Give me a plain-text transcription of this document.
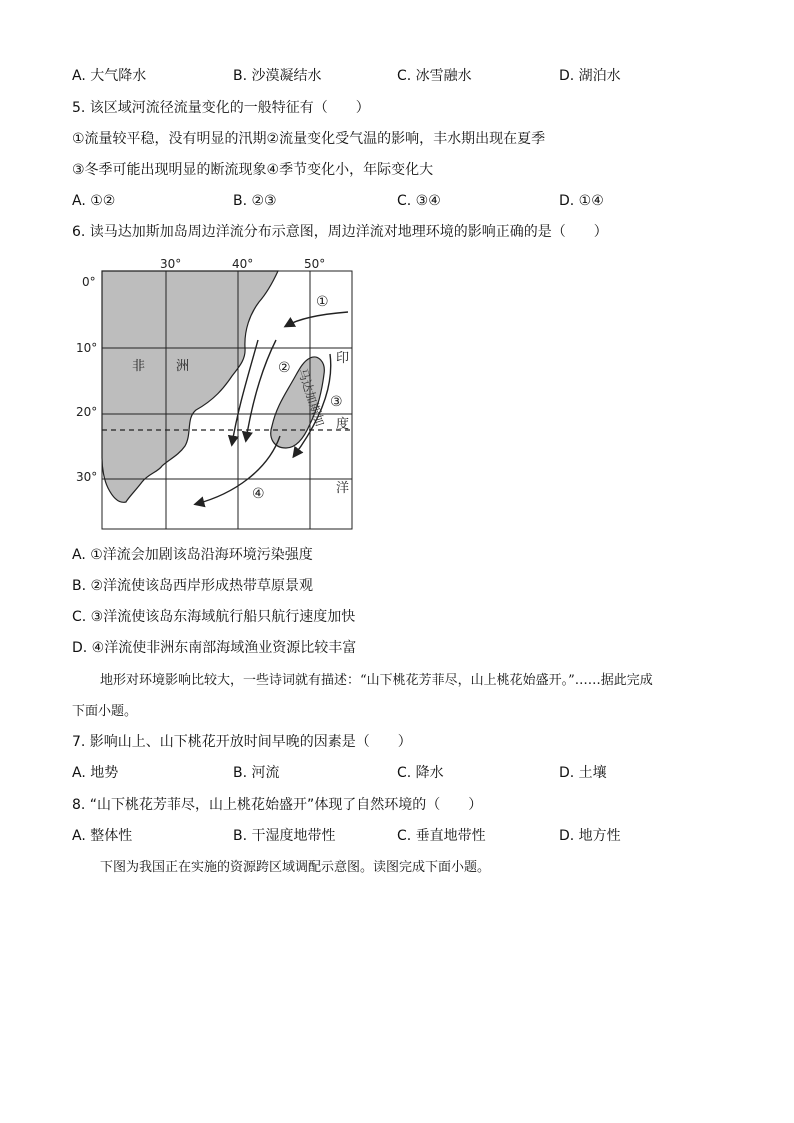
A. 大气降水	B. 沙漠凝结水	C. 冰雪融水	D. 湖泊水
5. 该区域河流径流量变化的一般特征有（　　）
①流量较平稳，没有明显的汛期②流量变化受气温的影响，丰水期出现在夏季
③冬季可能出现明显的断流现象④季节变化小，年际变化大
A. ①②	B. ②③	C. ③④	D. ①④
6. 读马达加斯加岛周边洋流分布示意图，周边洋流对地理环境的影响正确的是（　　）
30°	40°	50°
0°
10°
20°
30°
非 洲
印
度
洋
马达加斯加
①
②
③
④
A. ①洋流会加剧该岛沿海环境污染强度
B. ②洋流使该岛西岸形成热带草原景观
C. ③洋流使该岛东海域航行船只航行速度加快
D. ④洋流使非洲东南部海域渔业资源比较丰富
地形对环境影响比较大，一些诗词就有描述：“山下桃花芳菲尽，山上桃花始盛开。”……据此完成
下面小题。
7. 影响山上、山下桃花开放时间早晚的因素是（　　）
A. 地势	B. 河流	C. 降水	D. 土壤
8. “山下桃花芳菲尽，山上桃花始盛开”体现了自然环境的（　　）
A. 整体性	B. 干湿度地带性	C. 垂直地带性	D. 地方性
下图为我国正在实施的资源跨区域调配示意图。读图完成下面小题。
